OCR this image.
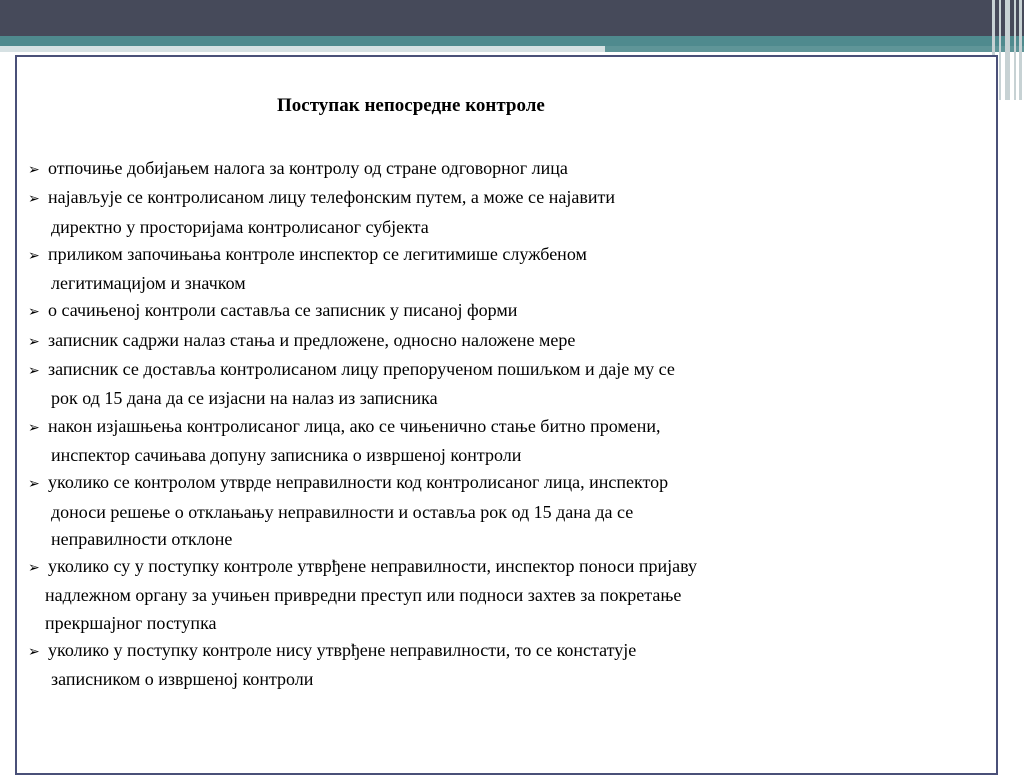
Поступак непосредне контроле
➢ отпочиње добијањем налога за контролу од стране одговорног лица
➢ најављује се контролисаном лицу телефонским путем, а може се најавити
директно у просторијама контролисаног субјекта
➢ приликом започињања контроле инспектор се легитимише службеном
легитимацијом и значком
➢ о сачињеној контроли саставља се записник у писаној форми
➢ записник садржи налаз стања и предложене, односно наложене мере
➢ записник се доставља контролисаном лицу препорученом пошиљком и даје му се
рок од 15 дана да се изјасни на налаз из записника
➢ након изјашњења контролисаног лица, ако се чињенично стање битно промени,
инспектор сачињава допуну записника о извршеној контроли
➢ уколико се контролом утврде неправилности код контролисаног лица, инспектор
доноси решење о отклањању неправилности и оставља рок од 15 дана да се
неправилности отклоне
➢ уколико су у поступку контроле утврђене неправилности, инспектор поноси пријаву
надлежном органу за учињен привредни преступ или подноси захтев за покретање
прекршајног поступка
➢ уколико у поступку контроле нису утврђене неправилности, то се констатује
записником о извршеној контроли
